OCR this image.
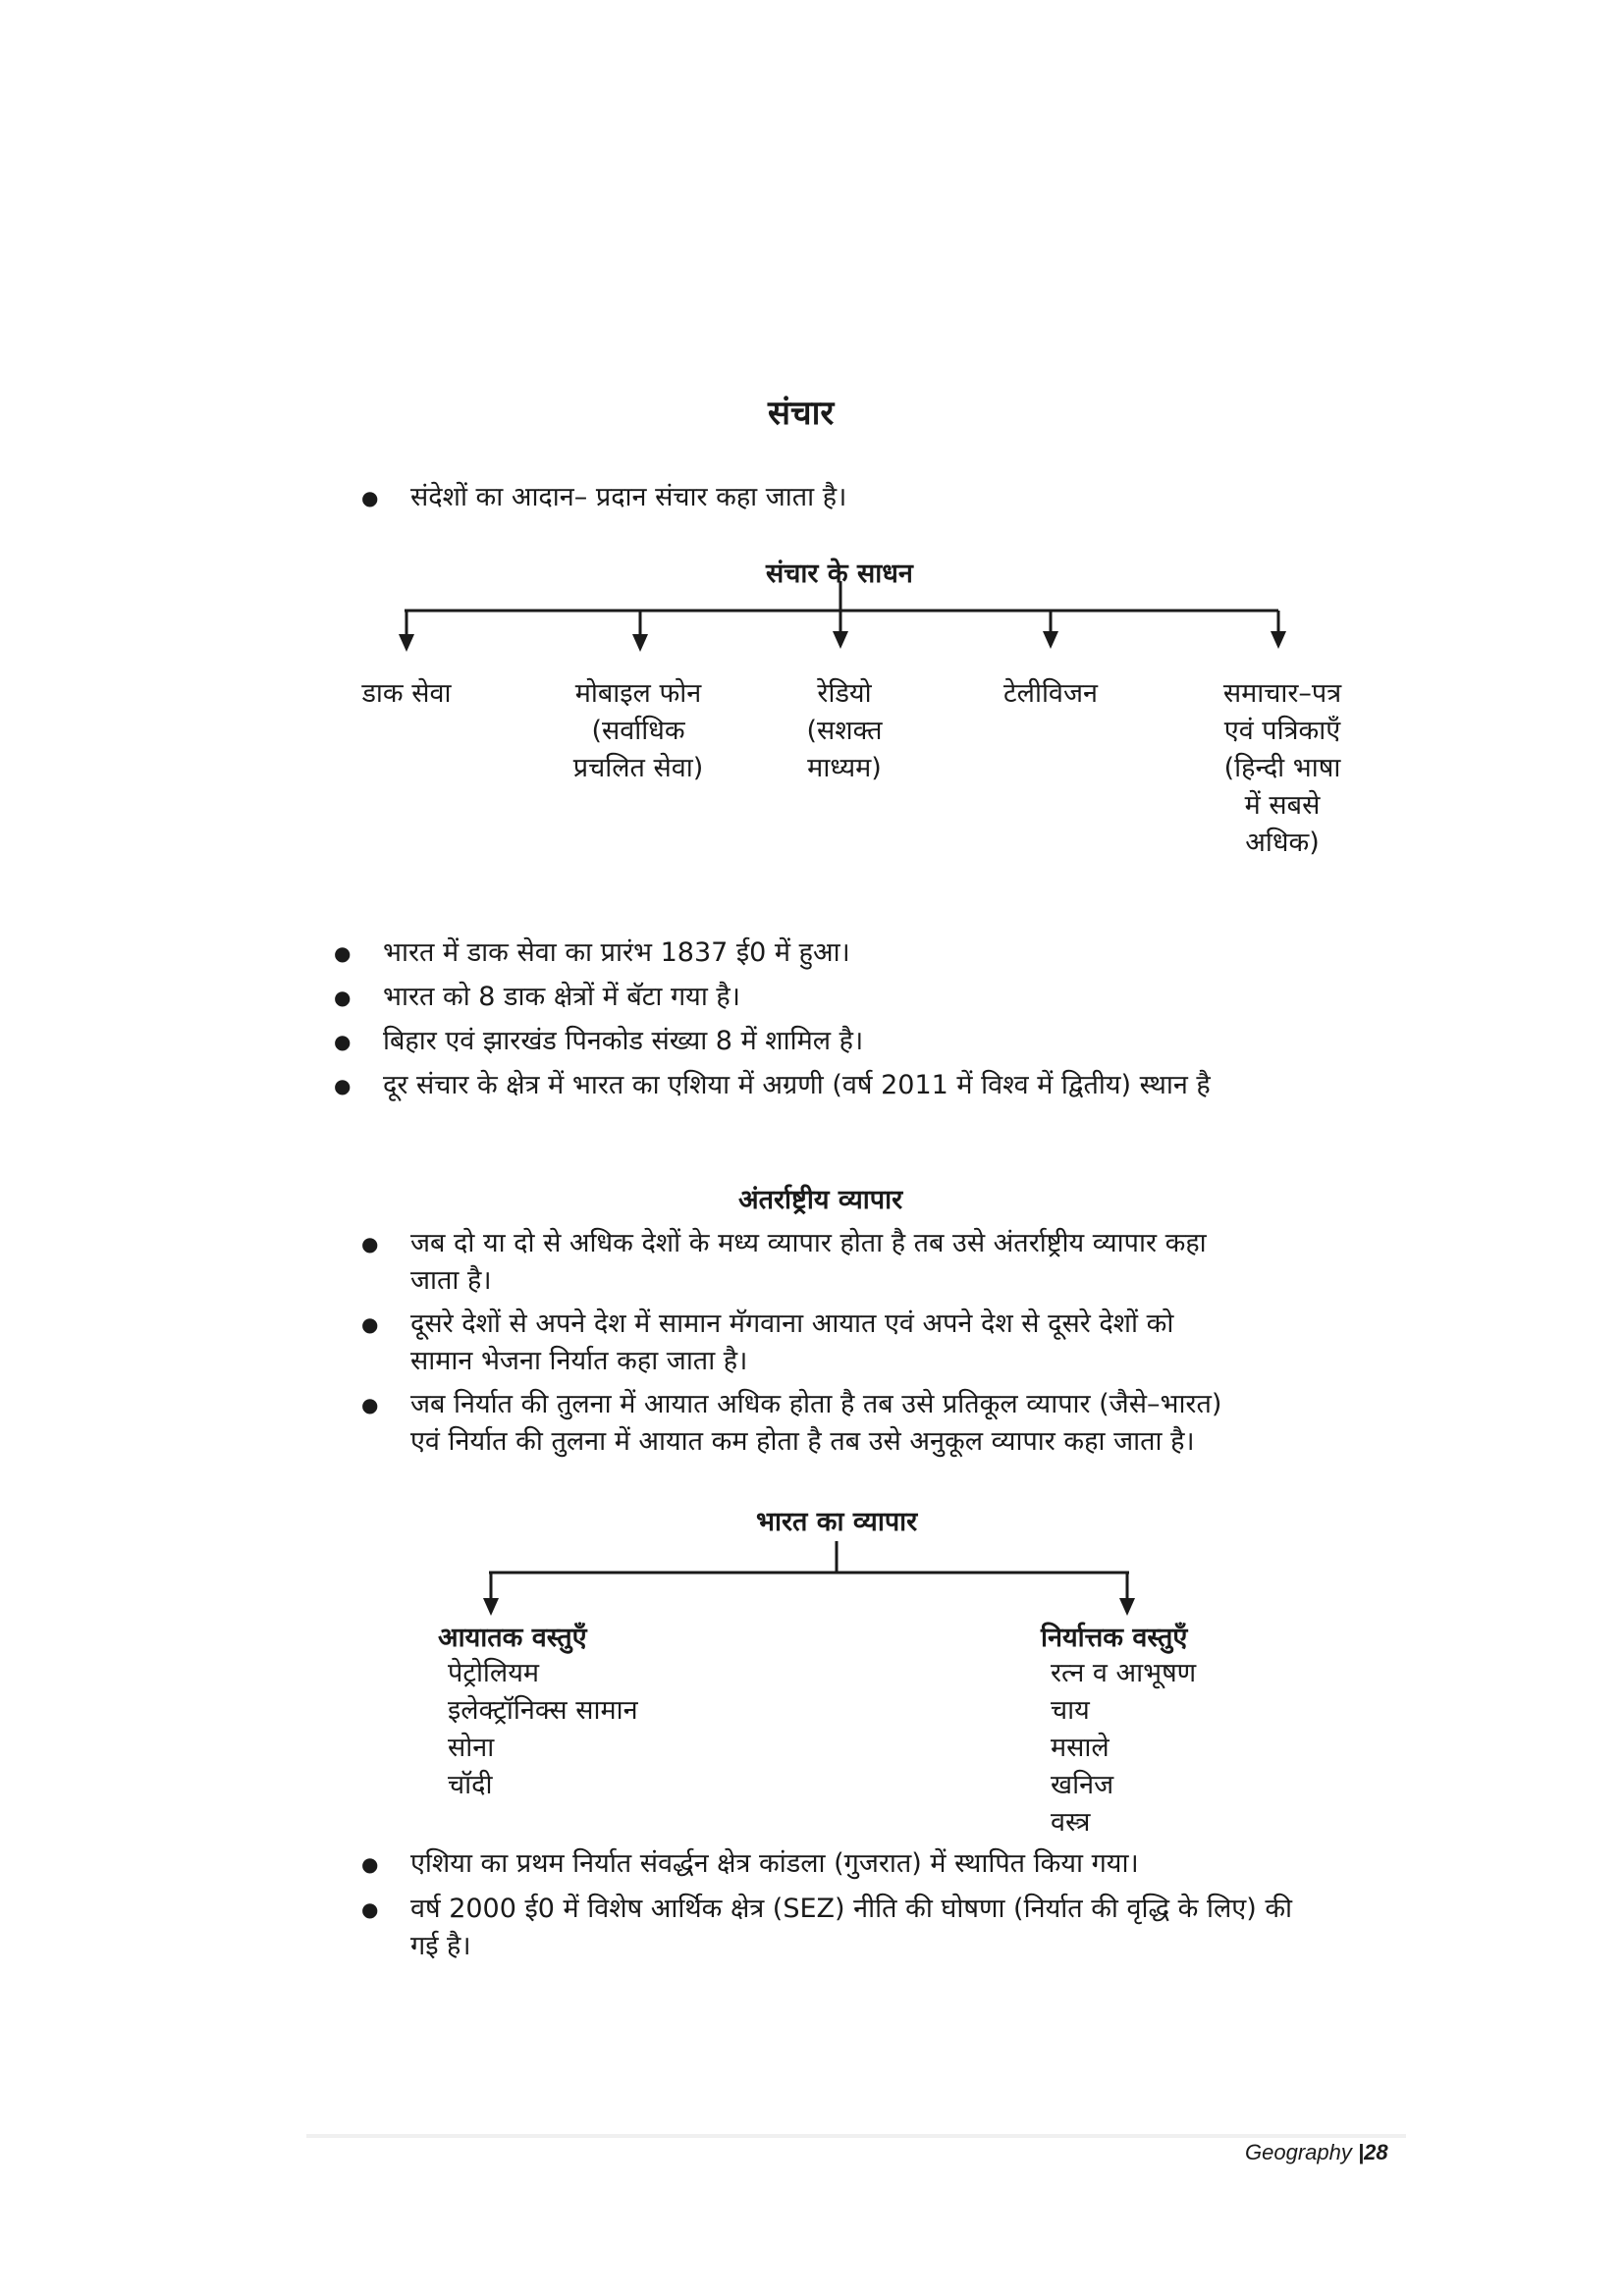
संचार
● संदेशों का आदान– प्रदान संचार कहा जाता है।
संचार के साधन
डाक सेवा	मोबाइल फोन
(सर्वाधिक
प्रचलित सेवा)
रेडियो
(सशक्त
माध्यम)
टेलीविजन	समाचार–पत्र
एवं पत्रिकाएँ
(हिन्दी भाषा
में सबसे
अधिक)
● भारत में डाक सेवा का प्रारंभ 1837 ई0 में हुआ।
● भारत को 8 डाक क्षेत्रों में बॅटा गया है।
● बिहार एवं झारखंड पिनकोड संख्या 8 में शामिल है।
● दूर संचार के क्षेत्र में भारत का एशिया में अग्रणी (वर्ष 2011 में विश्व में द्वितीय) स्थान है
अंतर्राष्ट्रीय व्यापार
● जब दो या दो से अधिक देशों के मध्य व्यापार होता है तब उसे अंतर्राष्ट्रीय व्यापार कहा
जाता है।
● दूसरे देशों से अपने देश में सामान मॅगवाना आयात एवं अपने देश से दूसरे देशों को
सामान भेजना निर्यात कहा जाता है।
● जब निर्यात की तुलना में आयात अधिक होता है तब उसे प्रतिकूल व्यापार (जैसे–भारत)
एवं निर्यात की तुलना में आयात कम होता है तब उसे अनुकूल व्यापार कहा जाता है।
भारत का व्यापार
आयातक वस्तुएँ
पेट्रोलियम
इलेक्ट्रॉनिक्स सामान
सोना
चॉदी
निर्यात्तक वस्तुएँ
रत्न व आभूषण
चाय
मसाले
खनिज
वस्त्र
● एशिया का प्रथम निर्यात संवर्द्धन क्षेत्र कांडला (गुजरात) में स्थापित किया गया।
● वर्ष 2000 ई0 में विशेष आर्थिक क्षेत्र (SEZ) नीति की घोषणा (निर्यात की वृद्धि के लिए) की
गई है।
Geography |28
